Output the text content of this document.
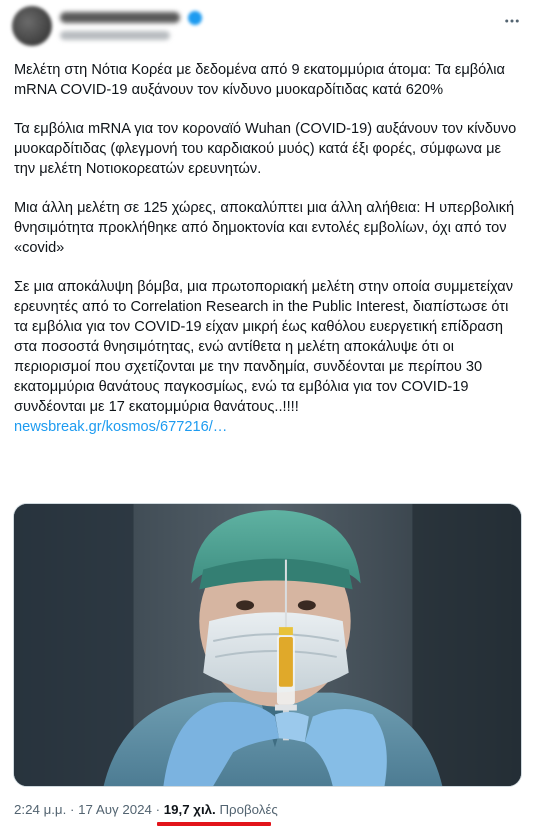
Μελέτη στη Νότια Κορέα με δεδομένα από 9 εκατομμύρια άτομα: Τα εμβόλια mRNA COVID-19 αυξάνουν τον κίνδυνο μυοκαρδίτιδας κατά 620%
Τα εμβόλια mRNA για τον κοροναϊό Wuhan (COVID-19) αυξάνουν τον κίνδυνο μυοκαρδίτιδας (φλεγμονή του καρδιακού μυός) κατά έξι φορές, σύμφωνα με την μελέτη Νοτιοκορεατών ερευνητών.
Μια άλλη μελέτη σε 125 χώρες, αποκαλύπτει μια άλλη αλήθεια: Η υπερβολική θνησιμότητα προκλήθηκε από δημοκτονία και εντολές εμβολίων, όχι από τον «covid»
Σε μια αποκάλυψη βόμβα, μια πρωτοποριακή μελέτη στην οποία συμμετείχαν ερευνητές από το Correlation Research in the Public Interest, διαπίστωσε ότι τα εμβόλια για τον COVID-19 είχαν μικρή έως καθόλου ευεργετική επίδραση στα ποσοστά θνησιμότητας, ενώ αντίθετα η μελέτη αποκάλυψε ότι οι περιορισμοί που σχετίζονται με την πανδημία, συνδέονται με περίπου 30 εκατομμύρια θανάτους παγκοσμίως, ενώ τα εμβόλια για τον COVID-19 συνδέονται με 17 εκατομμύρια θανάτους..!!!!
newsbreak.gr/kosmos/677216/…
2:24 μ.μ. · 17 Αυγ 2024 · 19,7 χιλ. Προβολές
